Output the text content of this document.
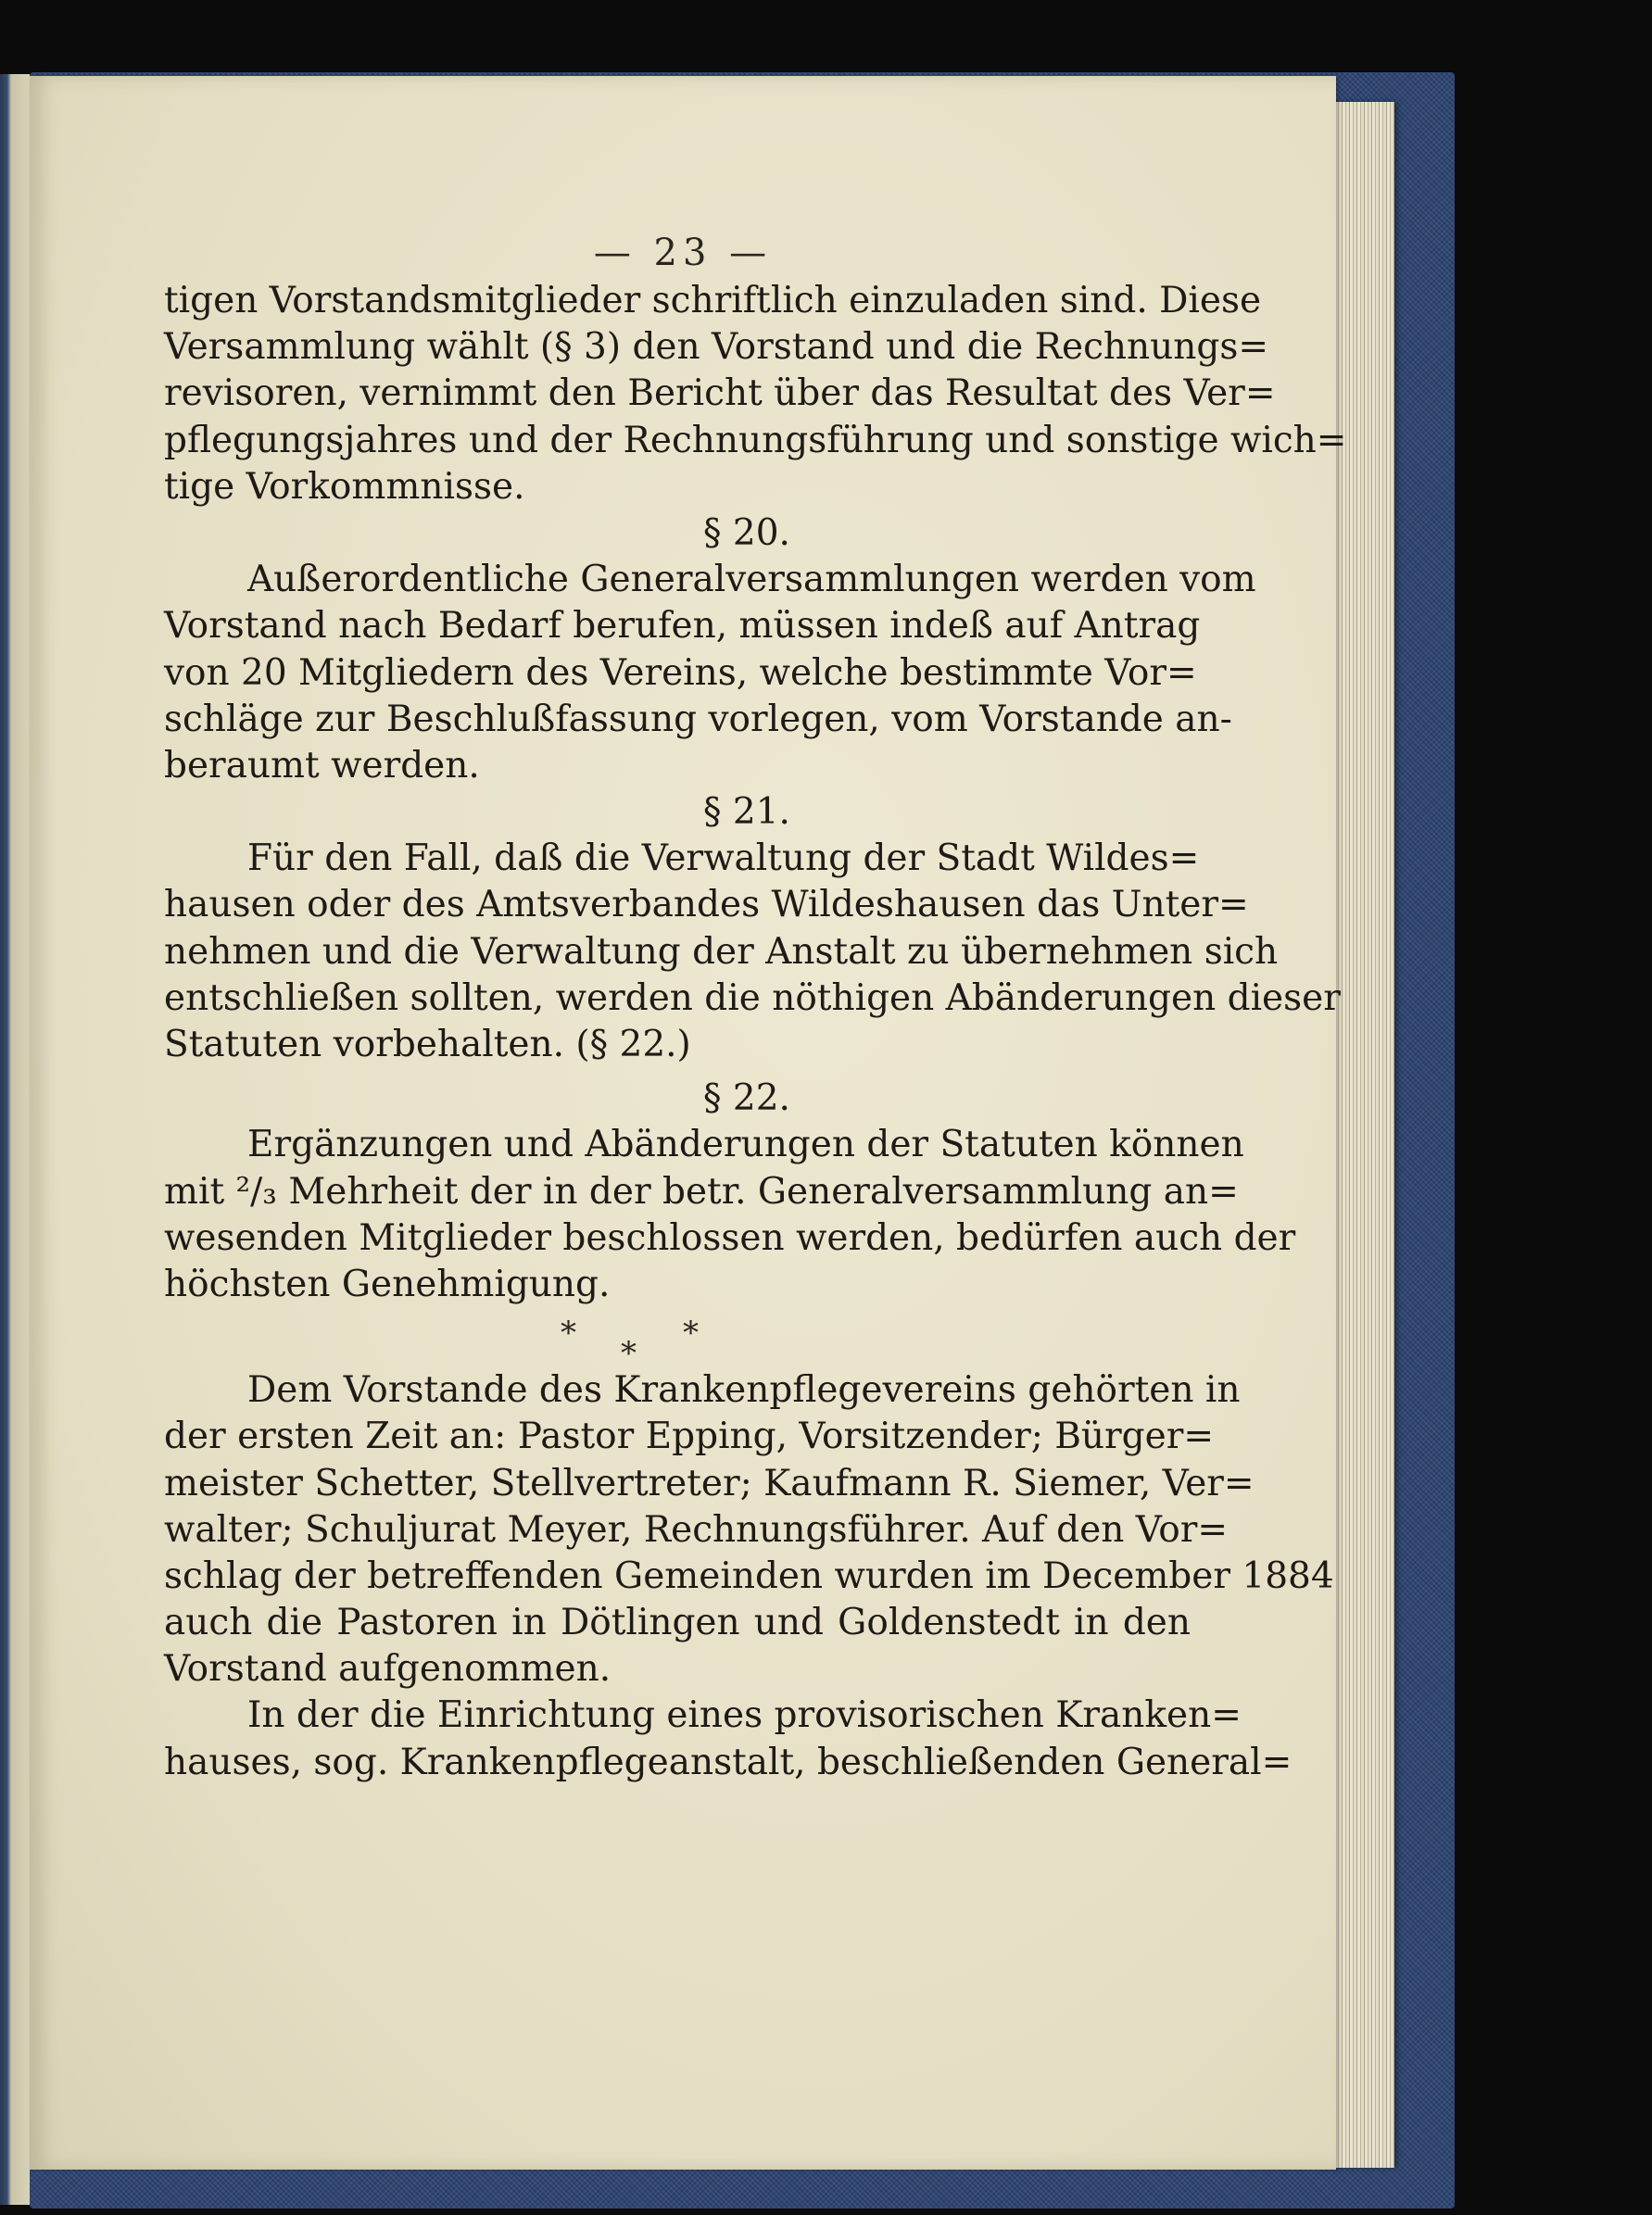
— 23 —
tigen Vorstandsmitglieder schriftlich einzuladen sind. Diese
Versammlung wählt (§ 3) den Vorstand und die Rechnungs=
revisoren, vernimmt den Bericht über das Resultat des Ver=
pflegungsjahres und der Rechnungsführung und sonstige wich=
tige Vorkommnisse.
§ 20.
Außerordentliche Generalversammlungen werden vom
Vorstand nach Bedarf berufen, müssen indeß auf Antrag
von 20 Mitgliedern des Vereins, welche bestimmte Vor=
schläge zur Beschlußfassung vorlegen, vom Vorstande an-
beraumt werden.
§ 21.
Für den Fall, daß die Verwaltung der Stadt Wildes=
hausen oder des Amtsverbandes Wildeshausen das Unter=
nehmen und die Verwaltung der Anstalt zu übernehmen sich
entschließen sollten, werden die nöthigen Abänderungen dieser
Statuten vorbehalten. (§ 22.)
§ 22.
Ergänzungen und Abänderungen der Statuten können
mit ²/₃ Mehrheit der in der betr. Generalversammlung an=
wesenden Mitglieder beschlossen werden, bedürfen auch der
höchsten Genehmigung.
*	*
*
Dem Vorstande des Krankenpflegevereins gehörten in
der ersten Zeit an: Pastor Epping, Vorsitzender; Bürger=
meister Schetter, Stellvertreter; Kaufmann R. Siemer, Ver=
walter; Schuljurat Meyer, Rechnungsführer. Auf den Vor=
schlag der betreffenden Gemeinden wurden im December 1884
auch die Pastoren in Dötlingen und Goldenstedt in den
Vorstand aufgenommen.
In der die Einrichtung eines provisorischen Kranken=
hauses, sog. Krankenpflegeanstalt, beschließenden General=
